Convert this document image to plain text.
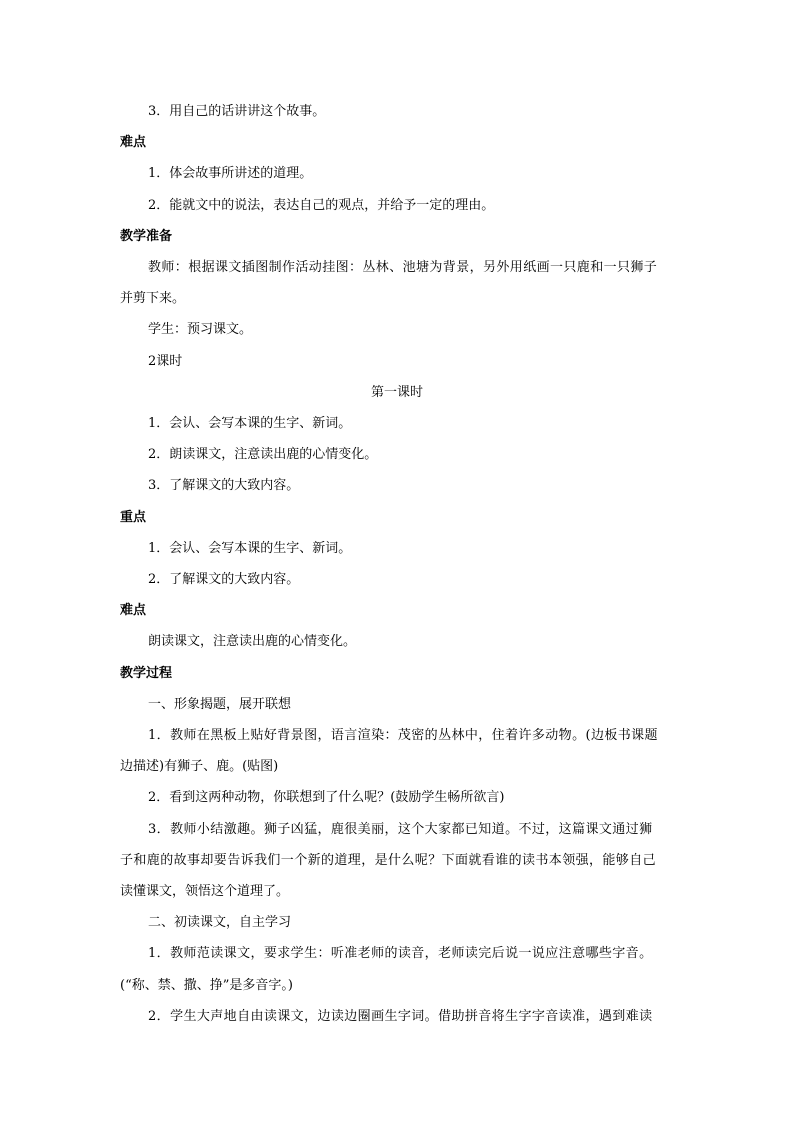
3．用自己的话讲讲这个故事。
难点
1．体会故事所讲述的道理。
2．能就文中的说法，表达自己的观点，并给予一定的理由。
教学准备
教师：根据课文插图制作活动挂图：丛林、池塘为背景，另外用纸画一只鹿和一只狮子
并剪下来。
学生：预习课文。
2课时
第一课时
1．会认、会写本课的生字、新词。
2．朗读课文，注意读出鹿的心情变化。
3．了解课文的大致内容。
重点
1．会认、会写本课的生字、新词。
2．了解课文的大致内容。
难点
朗读课文，注意读出鹿的心情变化。
教学过程
一、形象揭题，展开联想
1．教师在黑板上贴好背景图，语言渲染：茂密的丛林中，住着许多动物。(边板书课题
边描述)有狮子、鹿。(贴图)
2．看到这两种动物，你联想到了什么呢？(鼓励学生畅所欲言)
3．教师小结激趣。狮子凶猛，鹿很美丽，这个大家都已知道。不过，这篇课文通过狮
子和鹿的故事却要告诉我们一个新的道理，是什么呢？下面就看谁的读书本领强，能够自己
读懂课文，领悟这个道理了。
二、初读课文，自主学习
1．教师范读课文，要求学生：听准老师的读音，老师读完后说一说应注意哪些字音。
(“称、禁、撒、挣”是多音字。)
2．学生大声地自由读课文，边读边圈画生字词。借助拼音将生字字音读准，遇到难读
